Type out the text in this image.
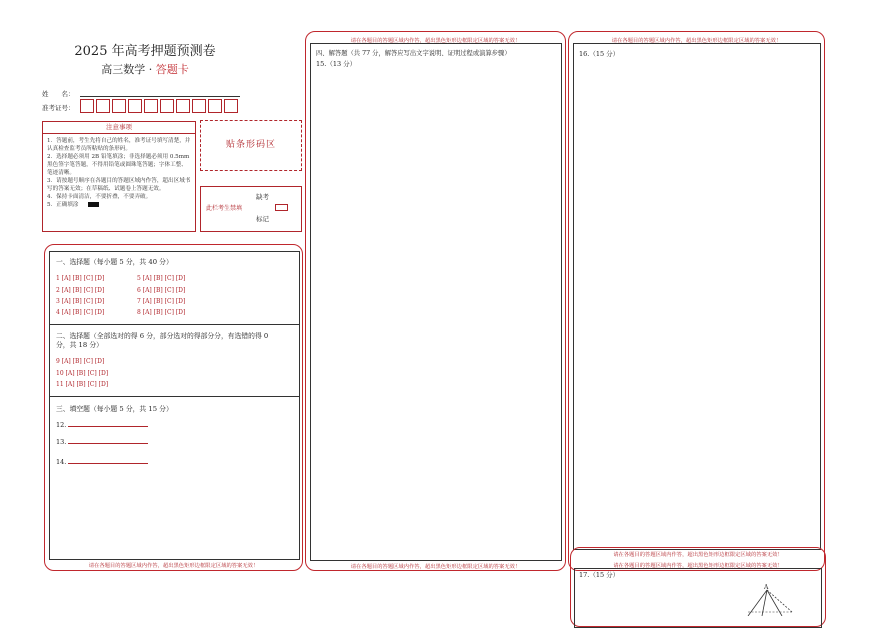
2025 年高考押题预测卷
高三数学 · 答题卡
姓　　名：
准考证号：
注意事项
1．答题前，考生先将自己的姓名，准考证号填写清楚，并认真检查监考员所粘贴的条形码。
2．选择题必须用 2B 铅笔填涂；非选择题必须用 0.5mm 黑色签字笔答题，不得用铅笔或圆珠笔答题；字体工整、笔迹清晰。
3．请按题号顺序在各题目的答题区域内作答，超出区域书写的答案无效；在草稿纸、试题卷上答题无效。
4．保持卡面清洁，不要折叠，不要弄破。
5．正确填涂
贴条形码区
此栏考生禁填
缺考
标记
请在各题目的答题区域内作答，超出黑色矩形边框限定区域的答案无效！
一、选择题（每小题 5 分，共 40 分）
1 [A] [B] [C] [D]
2 [A] [B] [C] [D]
3 [A] [B] [C] [D]
4 [A] [B] [C] [D]
5 [A] [B] [C] [D]
6 [A] [B] [C] [D]
7 [A] [B] [C] [D]
8 [A] [B] [C] [D]
二、选择题（全部选对的得 6 分，部分选对的得部分分，有选错的得 0
分，共 18 分）
9 [A] [B] [C] [D]
10 [A] [B] [C] [D]
11 [A] [B] [C] [D]
三、填空题（每小题 5 分，共 15 分）
12.
13.
14.
请在各题目的答题区域内作答，超出黑色矩形边框限定区域的答案无效！
四、解答题（共 77 分，解答应写出文字说明、证明过程或演算步骤）
15.（13 分）
请在各题目的答题区域内作答，超出黑色矩形边框限定区域的答案无效！
请在各题目的答题区域内作答，超出黑色矩形边框限定区域的答案无效！
16.（15 分）
请在各题目的答题区域内作答，超出黑色矩形边框限定区域的答案无效！
请在各题目的答题区域内作答，超出黑色矩形边框限定区域的答案无效！
17.（15 分）
A
